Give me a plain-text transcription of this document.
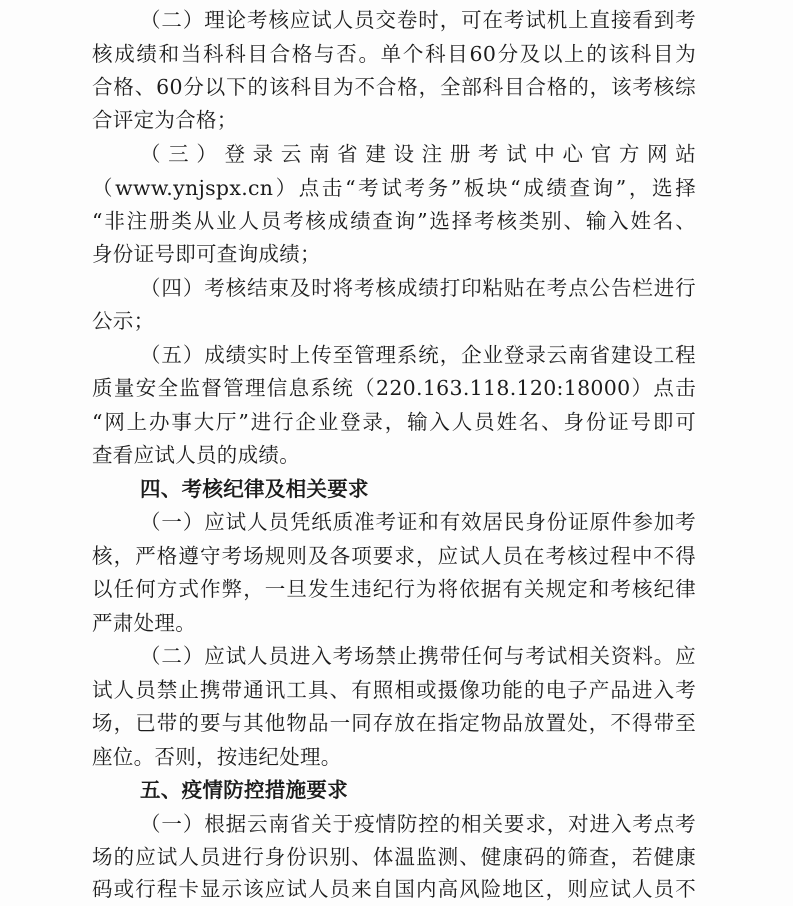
（二）理论考核应试人员交卷时，可在考试机上直接看到考
核成绩和当科科目合格与否。单个科目60分及以上的该科目为
合格、60分以下的该科目为不合格，全部科目合格的，该考核综
合评定为合格；
（三）登录云南省建设注册考试中心官方网站
（www.ynjspx.cn）点击“考试考务”板块“成绩查询”，选择
“非注册类从业人员考核成绩查询”选择考核类别、输入姓名、
身份证号即可查询成绩；
（四）考核结束及时将考核成绩打印粘贴在考点公告栏进行
公示；
（五）成绩实时上传至管理系统，企业登录云南省建设工程
质量安全监督管理信息系统（220.163.118.120:18000）点击
“网上办事大厅”进行企业登录，输入人员姓名、身份证号即可
查看应试人员的成绩。
四、考核纪律及相关要求
（一）应试人员凭纸质准考证和有效居民身份证原件参加考
核，严格遵守考场规则及各项要求，应试人员在考核过程中不得
以任何方式作弊，一旦发生违纪行为将依据有关规定和考核纪律
严肃处理。
（二）应试人员进入考场禁止携带任何与考试相关资料。应
试人员禁止携带通讯工具、有照相或摄像功能的电子产品进入考
场，已带的要与其他物品一同存放在指定物品放置处，不得带至
座位。否则，按违纪处理。
五、疫情防控措施要求
（一）根据云南省关于疫情防控的相关要求，对进入考点考
场的应试人员进行身份识别、体温监测、健康码的筛查，若健康
码或行程卡显示该应试人员来自国内高风险地区，则应试人员不
